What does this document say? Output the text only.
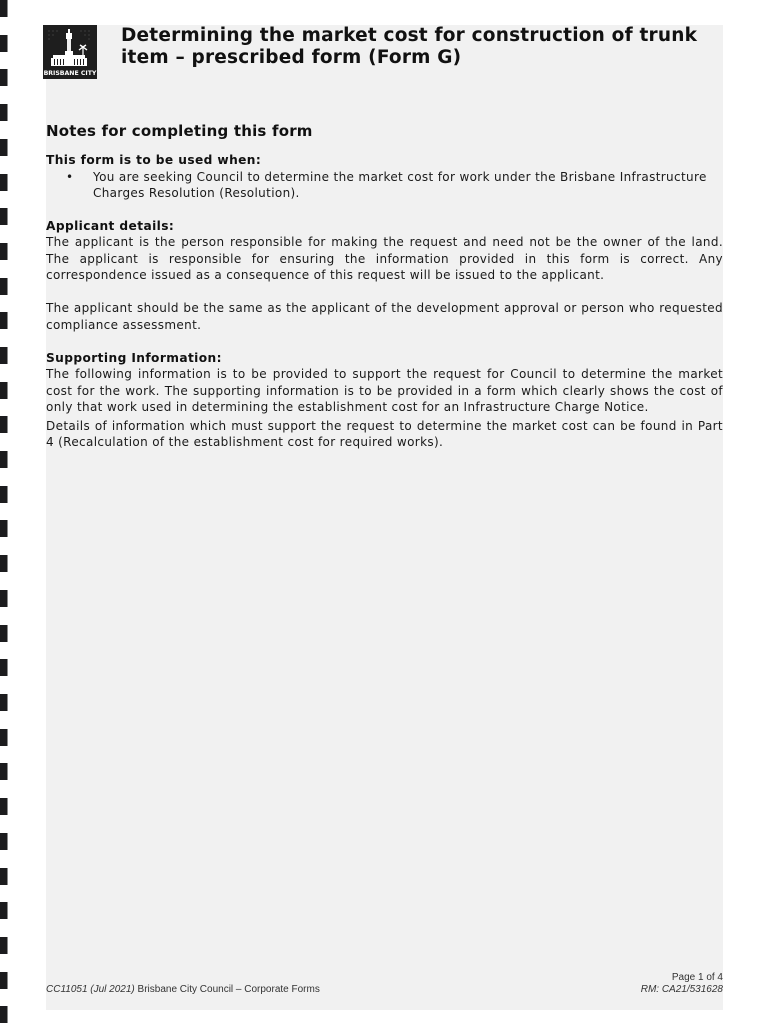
BRISBANE CITY
Determining the market cost for construction of trunk item – prescribed form (Form G)
Notes for completing this form
This form is to be used when:
•	You are seeking Council to determine the market cost for work under the Brisbane Infrastructure Charges Resolution (Resolution).
Applicant details:

The applicant is the person responsible for making the request and need not be the owner of the land. The applicant is responsible for ensuring the information provided in this form is correct. Any correspondence issued as a consequence of this request will be issued to the applicant.

The applicant should be the same as the applicant of the development approval or person who requested compliance assessment.

Supporting Information:

The following information is to be provided to support the request for Council to determine the market cost for the work. The supporting information is to be provided in a form which clearly shows the cost of only that work used in determining the establishment cost for an Infrastructure Charge Notice.

Details of information which must support the request to determine the market cost can be found in Part 4 (Recalculation of the establishment cost for required works).

CC11051 (Jul 2021) Brisbane City Council – Corporate Forms
Page 1 of 4
RM: CA21/531628
